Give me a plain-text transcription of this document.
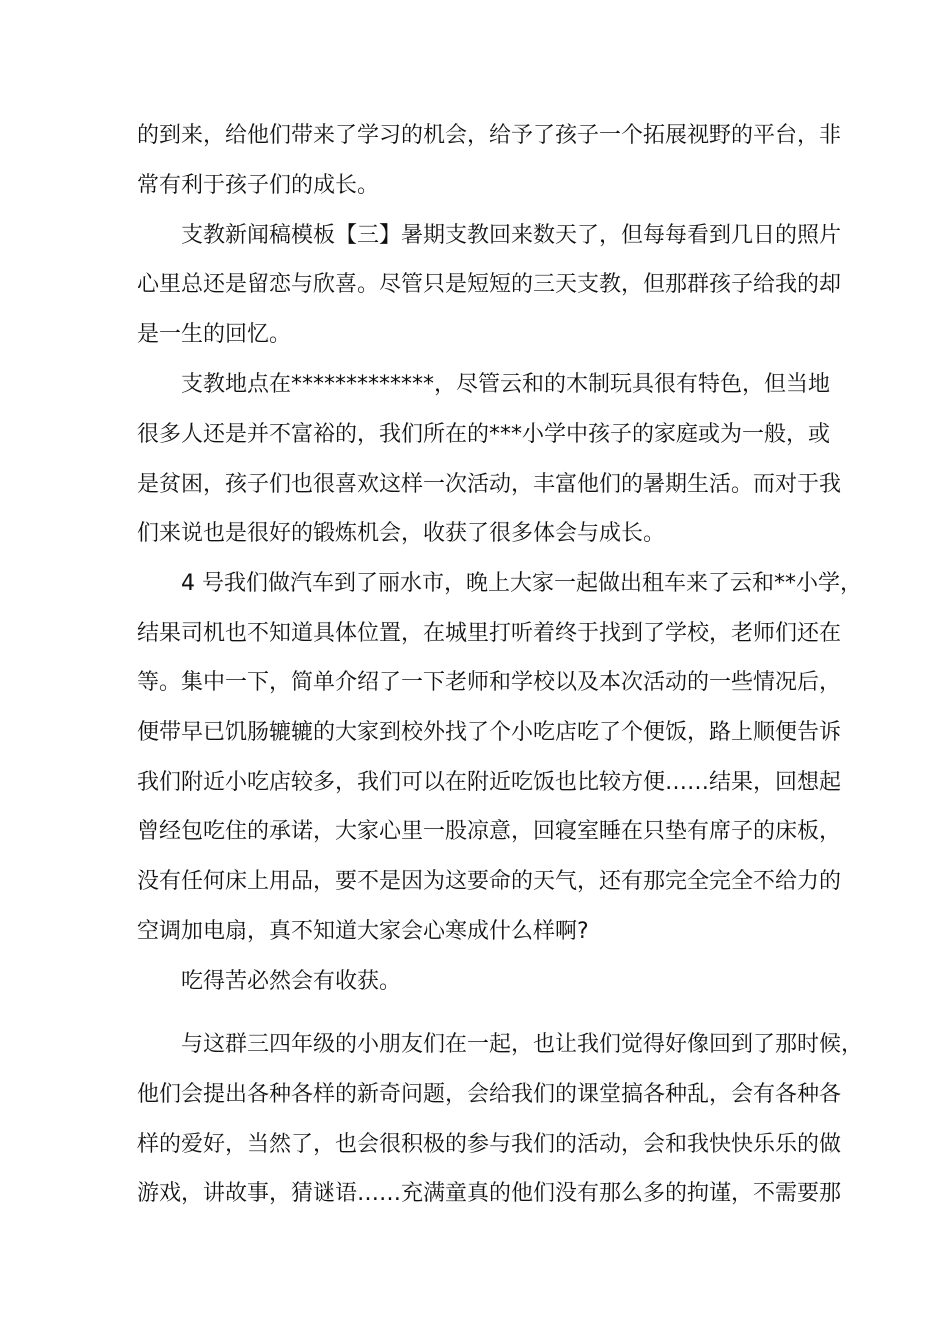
的到来，给他们带来了学习的机会，给予了孩子一个拓展视野的平台，非
常有利于孩子们的成长。
支教新闻稿模板【三】暑期支教回来数天了，但每每看到几日的照片
心里总还是留恋与欣喜。尽管只是短短的三天支教，但那群孩子给我的却
是一生的回忆。
支教地点在*************，尽管云和的木制玩具很有特色，但当地
很多人还是并不富裕的，我们所在的***小学中孩子的家庭或为一般，或
是贫困，孩子们也很喜欢这样一次活动，丰富他们的暑期生活。而对于我
们来说也是很好的锻炼机会，收获了很多体会与成长。
4 号我们做汽车到了丽水市，晚上大家一起做出租车来了云和**小学，
结果司机也不知道具体位置，在城里打听着终于找到了学校，老师们还在
等。集中一下，简单介绍了一下老师和学校以及本次活动的一些情况后，
便带早已饥肠辘辘的大家到校外找了个小吃店吃了个便饭，路上顺便告诉
我们附近小吃店较多，我们可以在附近吃饭也比较方便……结果，回想起
曾经包吃住的承诺，大家心里一股凉意，回寝室睡在只垫有席子的床板，
没有任何床上用品，要不是因为这要命的天气，还有那完全完全不给力的
空调加电扇，真不知道大家会心寒成什么样啊?
吃得苦必然会有收获。
与这群三四年级的小朋友们在一起，也让我们觉得好像回到了那时候，
他们会提出各种各样的新奇问题，会给我们的课堂搞各种乱，会有各种各
样的爱好，当然了，也会很积极的参与我们的活动，会和我快快乐乐的做
游戏，讲故事，猜谜语……充满童真的他们没有那么多的拘谨，不需要那
